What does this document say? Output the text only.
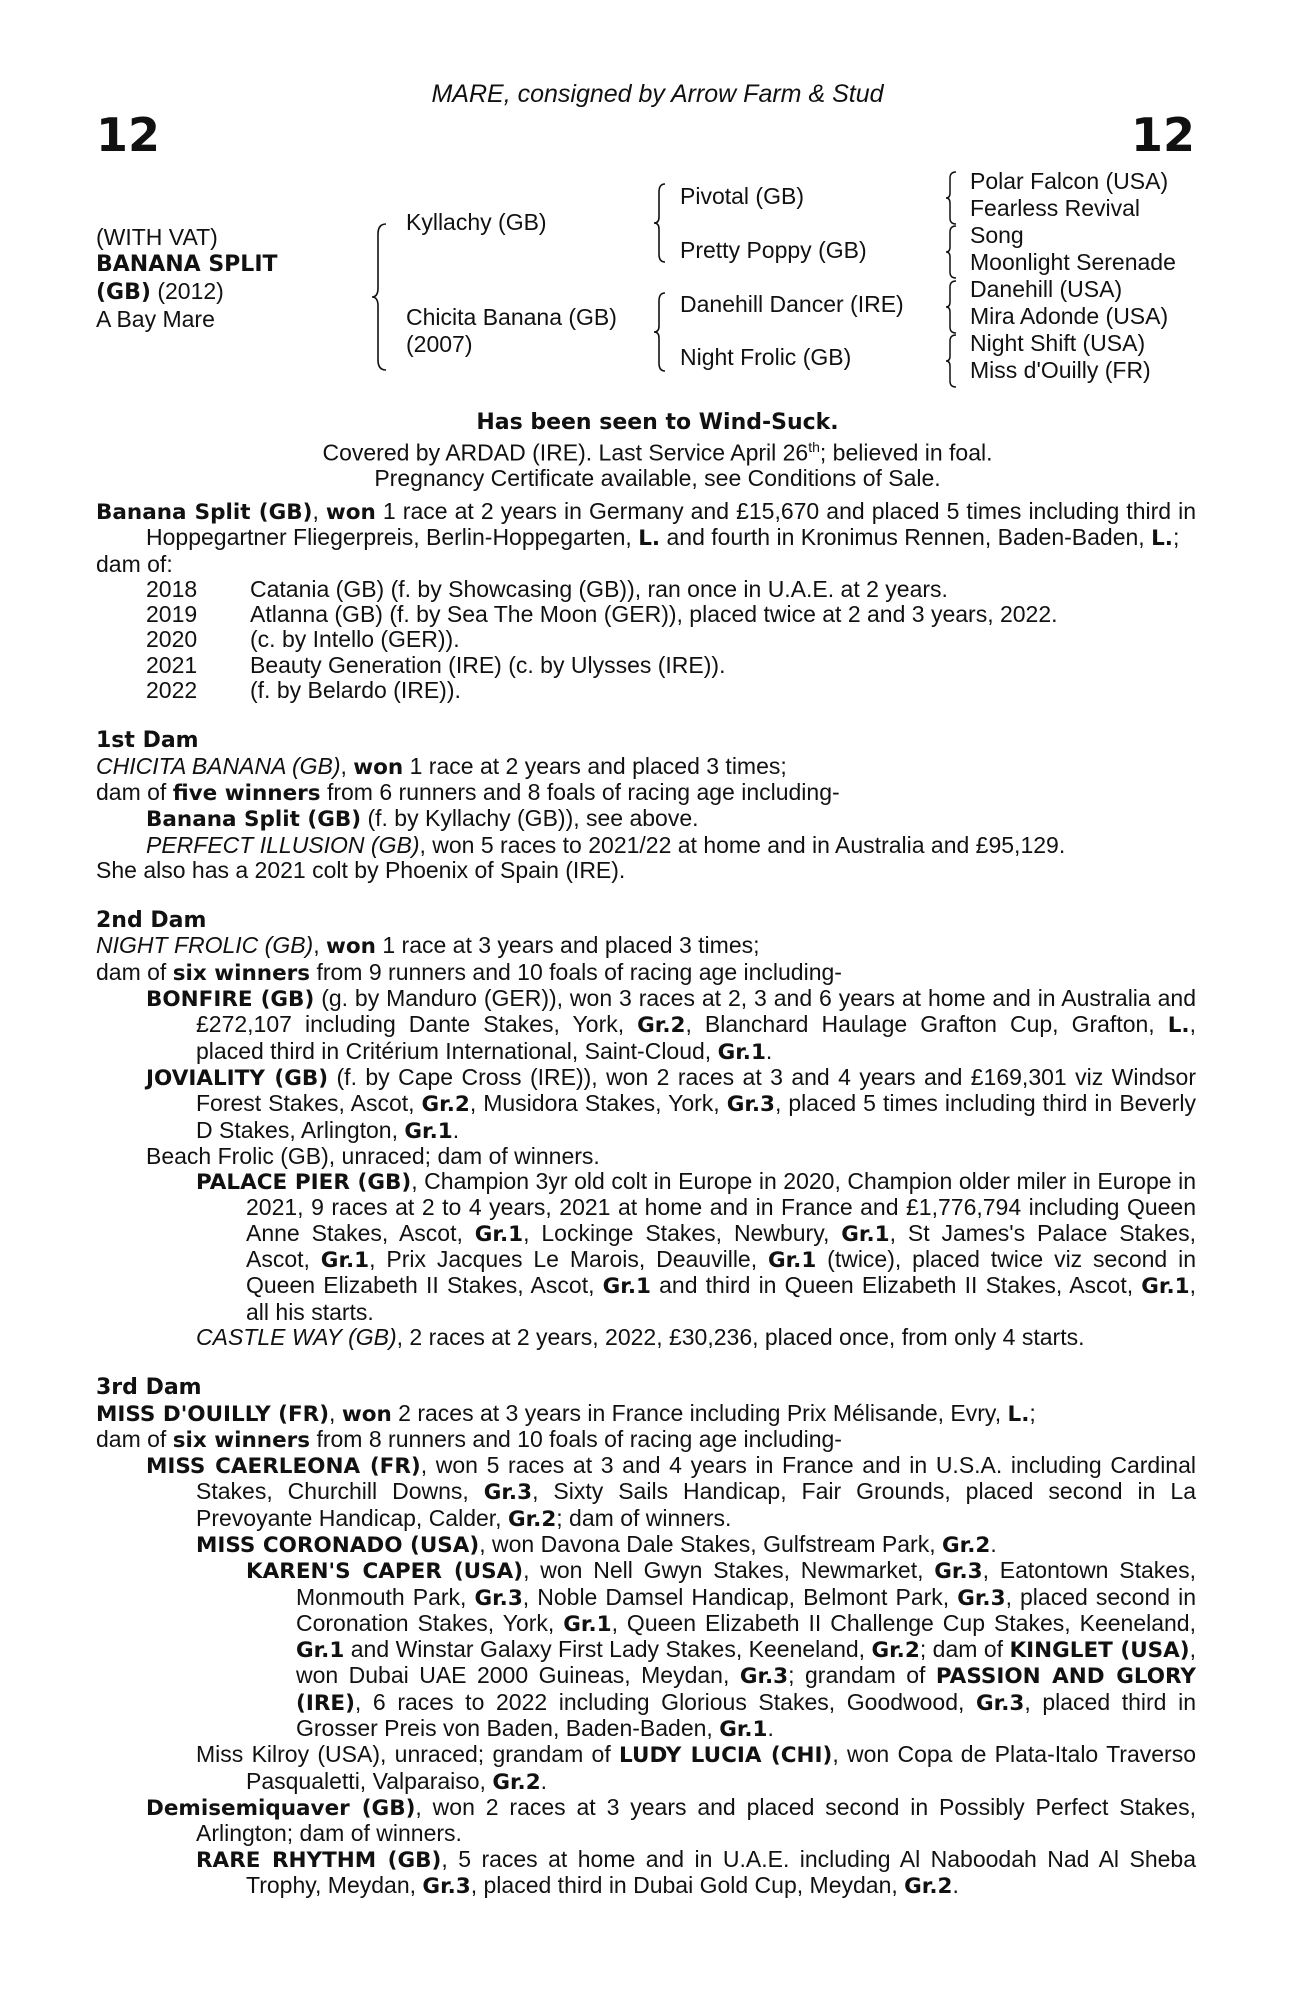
MARE, consigned by Arrow Farm & Stud
12	12
(WITH VAT)
BANANA SPLIT
(GB) (2012)
A Bay Mare
Kyllachy (GB)
Chicita Banana (GB)
(2007)
Pivotal (GB)
Pretty Poppy (GB)
Danehill Dancer (IRE)
Night Frolic (GB)
Polar Falcon (USA)
Fearless Revival
Song
Moonlight Serenade
Danehill (USA)
Mira Adonde (USA)
Night Shift (USA)
Miss d'Ouilly (FR)
Has been seen to Wind-Suck.
Covered by ARDAD (IRE). Last Service April 26th; believed in foal.
Pregnancy Certificate available, see Conditions of Sale.

Banana Split (GB), won 1 race at 2 years in Germany and £15,670 and placed 5 times including third in Hoppegartner Fliegerpreis, Berlin-Hoppegarten, L. and fourth in Kronimus Rennen, Baden-Baden, L.;

dam of:
2018	Catania (GB) (f. by Showcasing (GB)), ran once in U.A.E. at 2 years.
2019	Atlanna (GB) (f. by Sea The Moon (GER)), placed twice at 2 and 3 years, 2022.
2020	(c. by Intello (GER)).
2021	Beauty Generation (IRE) (c. by Ulysses (IRE)).
2022	(f. by Belardo (IRE)).
1st Dam

CHICITA BANANA (GB), won 1 race at 2 years and placed 3 times;

dam of five winners from 6 runners and 8 foals of racing age including-

Banana Split (GB) (f. by Kyllachy (GB)), see above.

PERFECT ILLUSION (GB), won 5 races to 2021/22 at home and in Australia and £95,129.

She also has a 2021 colt by Phoenix of Spain (IRE).

2nd Dam

NIGHT FROLIC (GB), won 1 race at 3 years and placed 3 times;

dam of six winners from 9 runners and 10 foals of racing age including-

BONFIRE (GB) (g. by Manduro (GER)), won 3 races at 2, 3 and 6 years at home and in Australia and £272,107 including Dante Stakes, York, Gr.2, Blanchard Haulage Grafton Cup, Grafton, L., placed third in Critérium International, Saint-Cloud, Gr.1.

JOVIALITY (GB) (f. by Cape Cross (IRE)), won 2 races at 3 and 4 years and £169,301 viz Windsor Forest Stakes, Ascot, Gr.2, Musidora Stakes, York, Gr.3, placed 5 times including third in Beverly D Stakes, Arlington, Gr.1.

Beach Frolic (GB), unraced; dam of winners.

PALACE PIER (GB), Champion 3yr old colt in Europe in 2020, Champion older miler in Europe in 2021, 9 races at 2 to 4 years, 2021 at home and in France and £1,776,794 including Queen Anne Stakes, Ascot, Gr.1, Lockinge Stakes, Newbury, Gr.1, St James's Palace Stakes, Ascot, Gr.1, Prix Jacques Le Marois, Deauville, Gr.1 (twice), placed twice viz second in Queen Elizabeth II Stakes, Ascot, Gr.1 and third in Queen Elizabeth II Stakes, Ascot, Gr.1, all his starts.

CASTLE WAY (GB), 2 races at 2 years, 2022, £30,236, placed once, from only 4 starts.

3rd Dam

MISS D'OUILLY (FR), won 2 races at 3 years in France including Prix Mélisande, Evry, L.;

dam of six winners from 8 runners and 10 foals of racing age including-

MISS CAERLEONA (FR), won 5 races at 3 and 4 years in France and in U.S.A. including Cardinal Stakes, Churchill Downs, Gr.3, Sixty Sails Handicap, Fair Grounds, placed second in La Prevoyante Handicap, Calder, Gr.2; dam of winners.

MISS CORONADO (USA), won Davona Dale Stakes, Gulfstream Park, Gr.2.

KAREN'S CAPER (USA), won Nell Gwyn Stakes, Newmarket, Gr.3, Eatontown Stakes, Monmouth Park, Gr.3, Noble Damsel Handicap, Belmont Park, Gr.3, placed second in Coronation Stakes, York, Gr.1, Queen Elizabeth II Challenge Cup Stakes, Keeneland, Gr.1 and Winstar Galaxy First Lady Stakes, Keeneland, Gr.2; dam of KINGLET (USA), won Dubai UAE 2000 Guineas, Meydan, Gr.3; grandam of PASSION AND GLORY (IRE), 6 races to 2022 including Glorious Stakes, Goodwood, Gr.3, placed third in Grosser Preis von Baden, Baden-Baden, Gr.1.

Miss Kilroy (USA), unraced; grandam of LUDY LUCIA (CHI), won Copa de Plata-Italo Traverso Pasqualetti, Valparaiso, Gr.2.

Demisemiquaver (GB), won 2 races at 3 years and placed second in Possibly Perfect Stakes, Arlington; dam of winners.

RARE RHYTHM (GB), 5 races at home and in U.A.E. including Al Naboodah Nad Al Sheba Trophy, Meydan, Gr.3, placed third in Dubai Gold Cup, Meydan, Gr.2.
